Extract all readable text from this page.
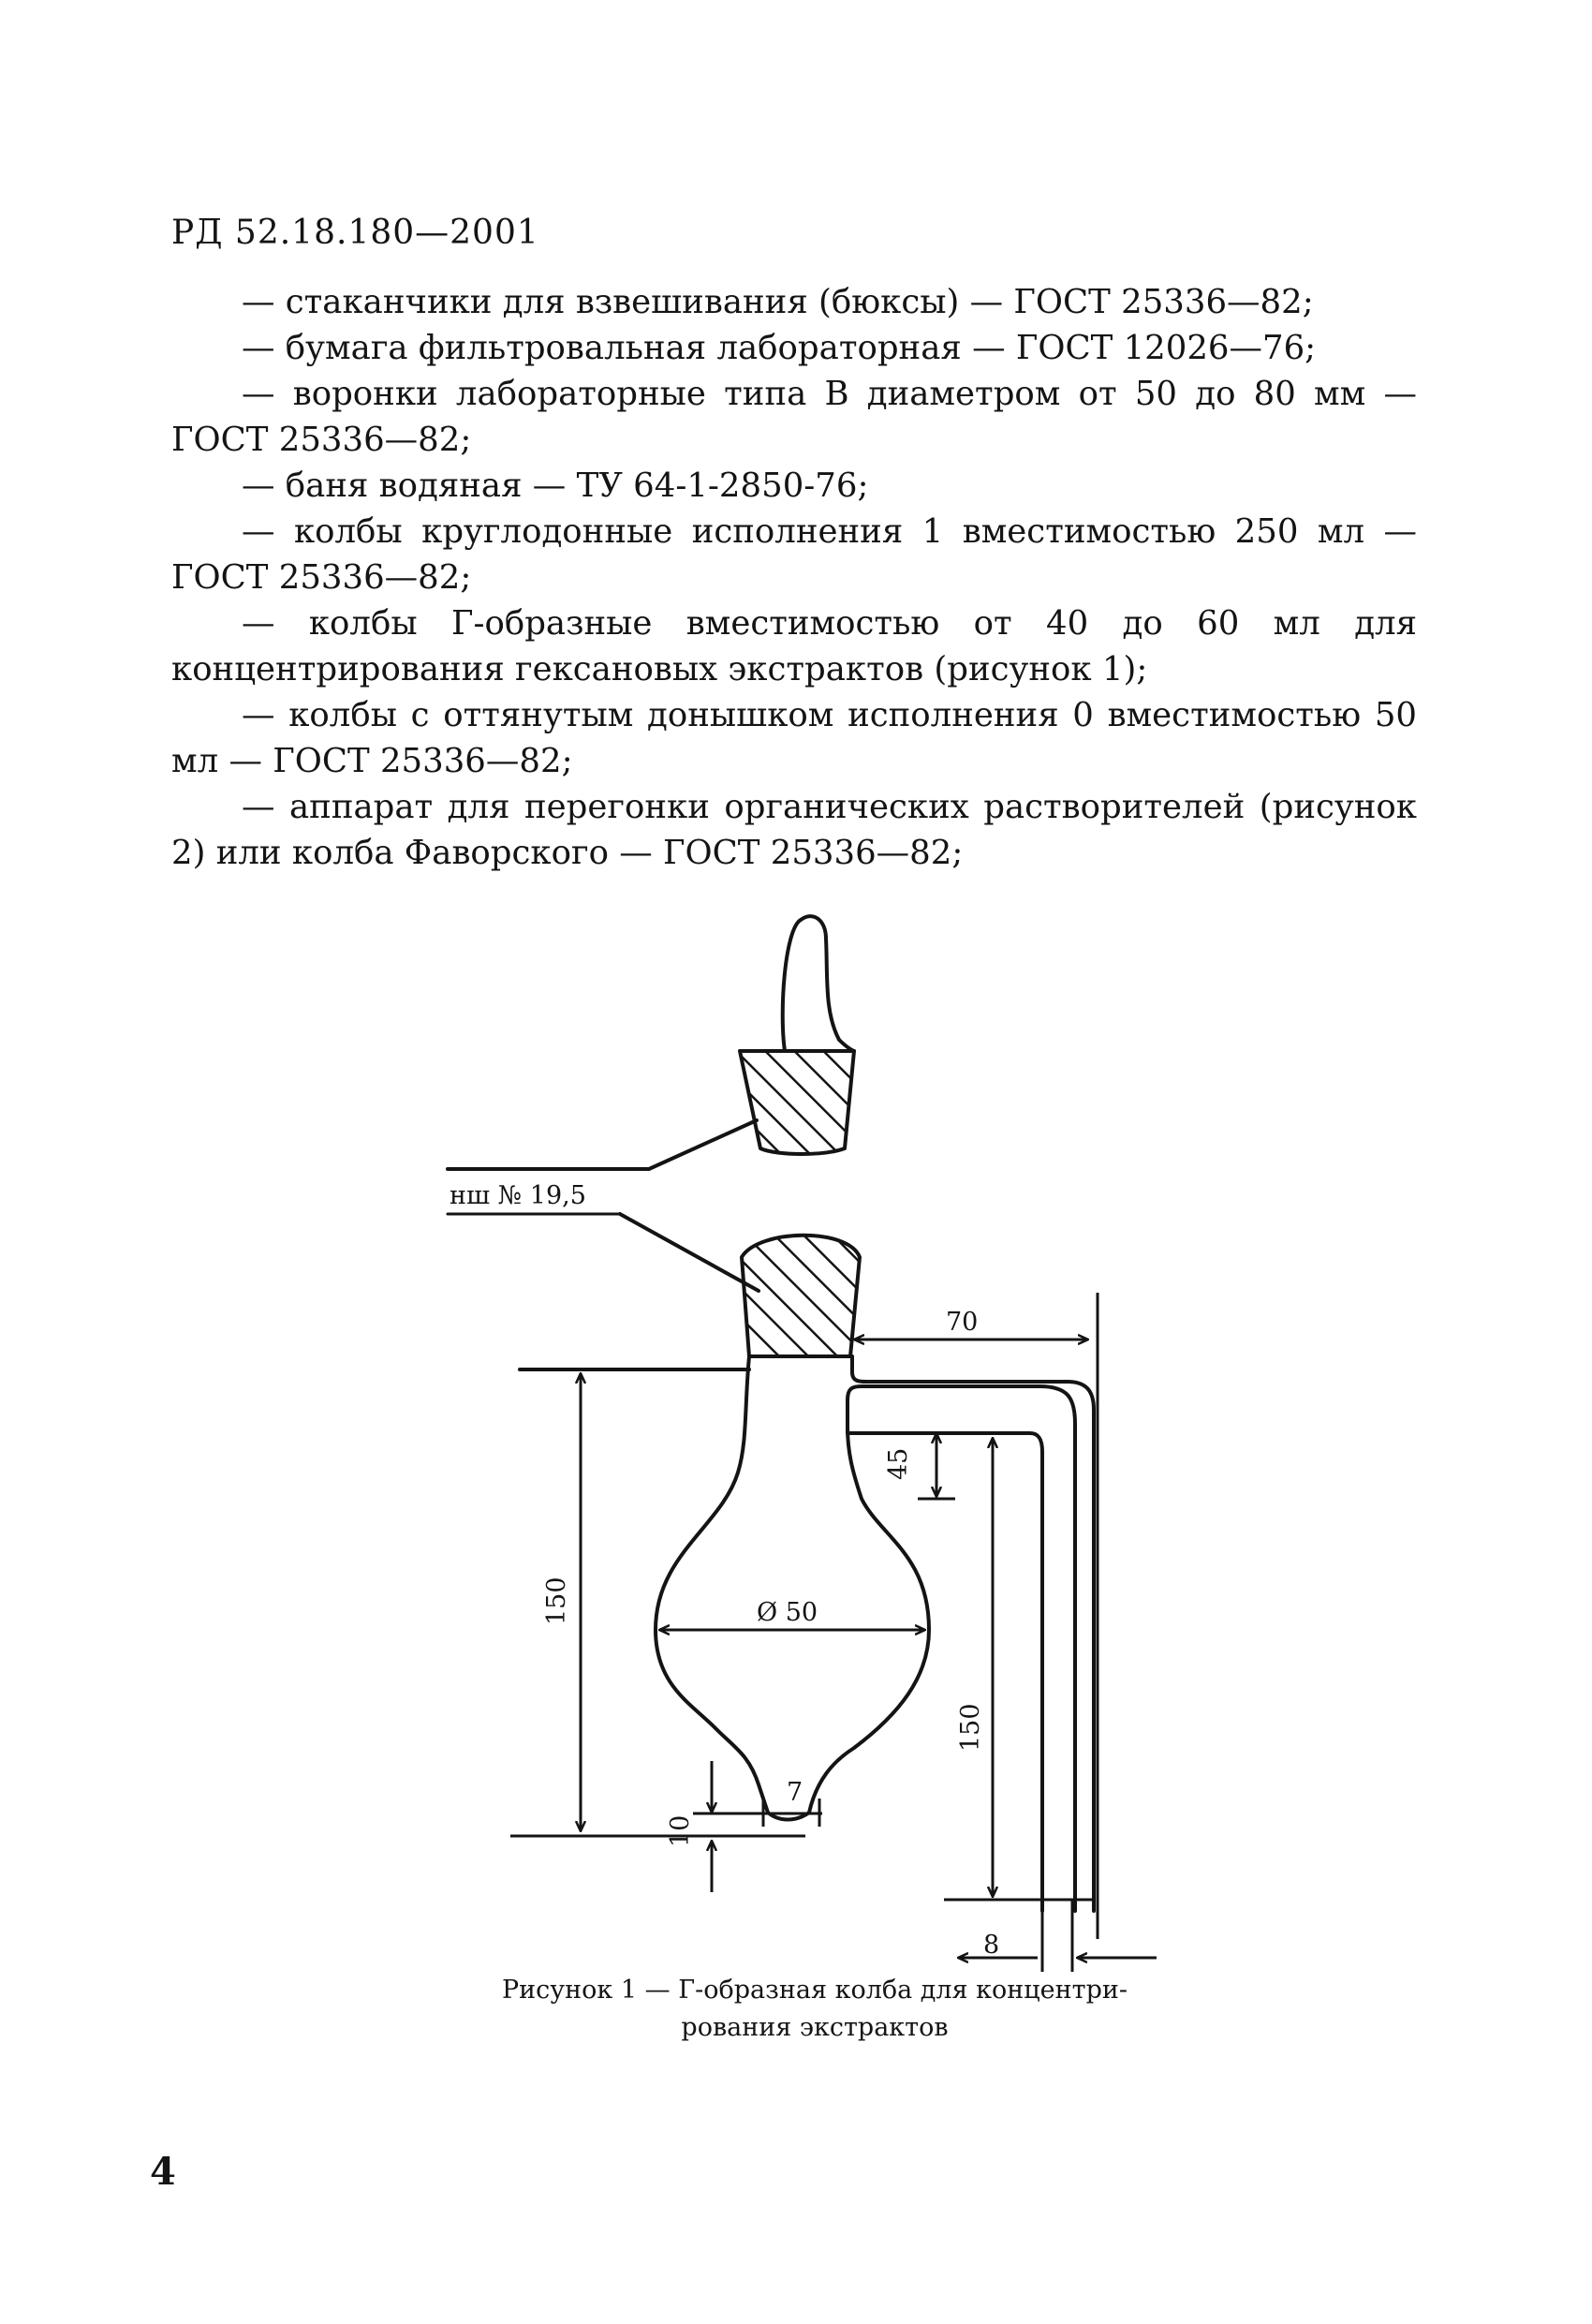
РД 52.18.180—2001
— стаканчики для взвешивания (бюксы) — ГОСТ 25336—82;
— бумага фильтровальная лабораторная — ГОСТ 12026—76;
— воронки лабораторные типа В диаметром от 50 до 80 мм — ГОСТ 25336—82;
— баня водяная — ТУ 64-1-2850-76;
— колбы круглодонные исполнения 1 вместимостью 250 мл — ГОСТ 25336—82;
— колбы Г-образные вместимостью от 40 до 60 мл для концентрирования гексановых экстрактов (рисунок 1);
— колбы с оттянутым донышком исполнения 0 вместимостью 50 мл — ГОСТ 25336—82;
— аппарат для перегонки органических растворителей (рисунок 2) или колба Фаворского — ГОСТ 25336—82;
нш № 19,5
70
45
150	Ø 50
150
7
10
8
Рисунок 1 — Г-образная колба для концентри-
рования экстрактов
4
